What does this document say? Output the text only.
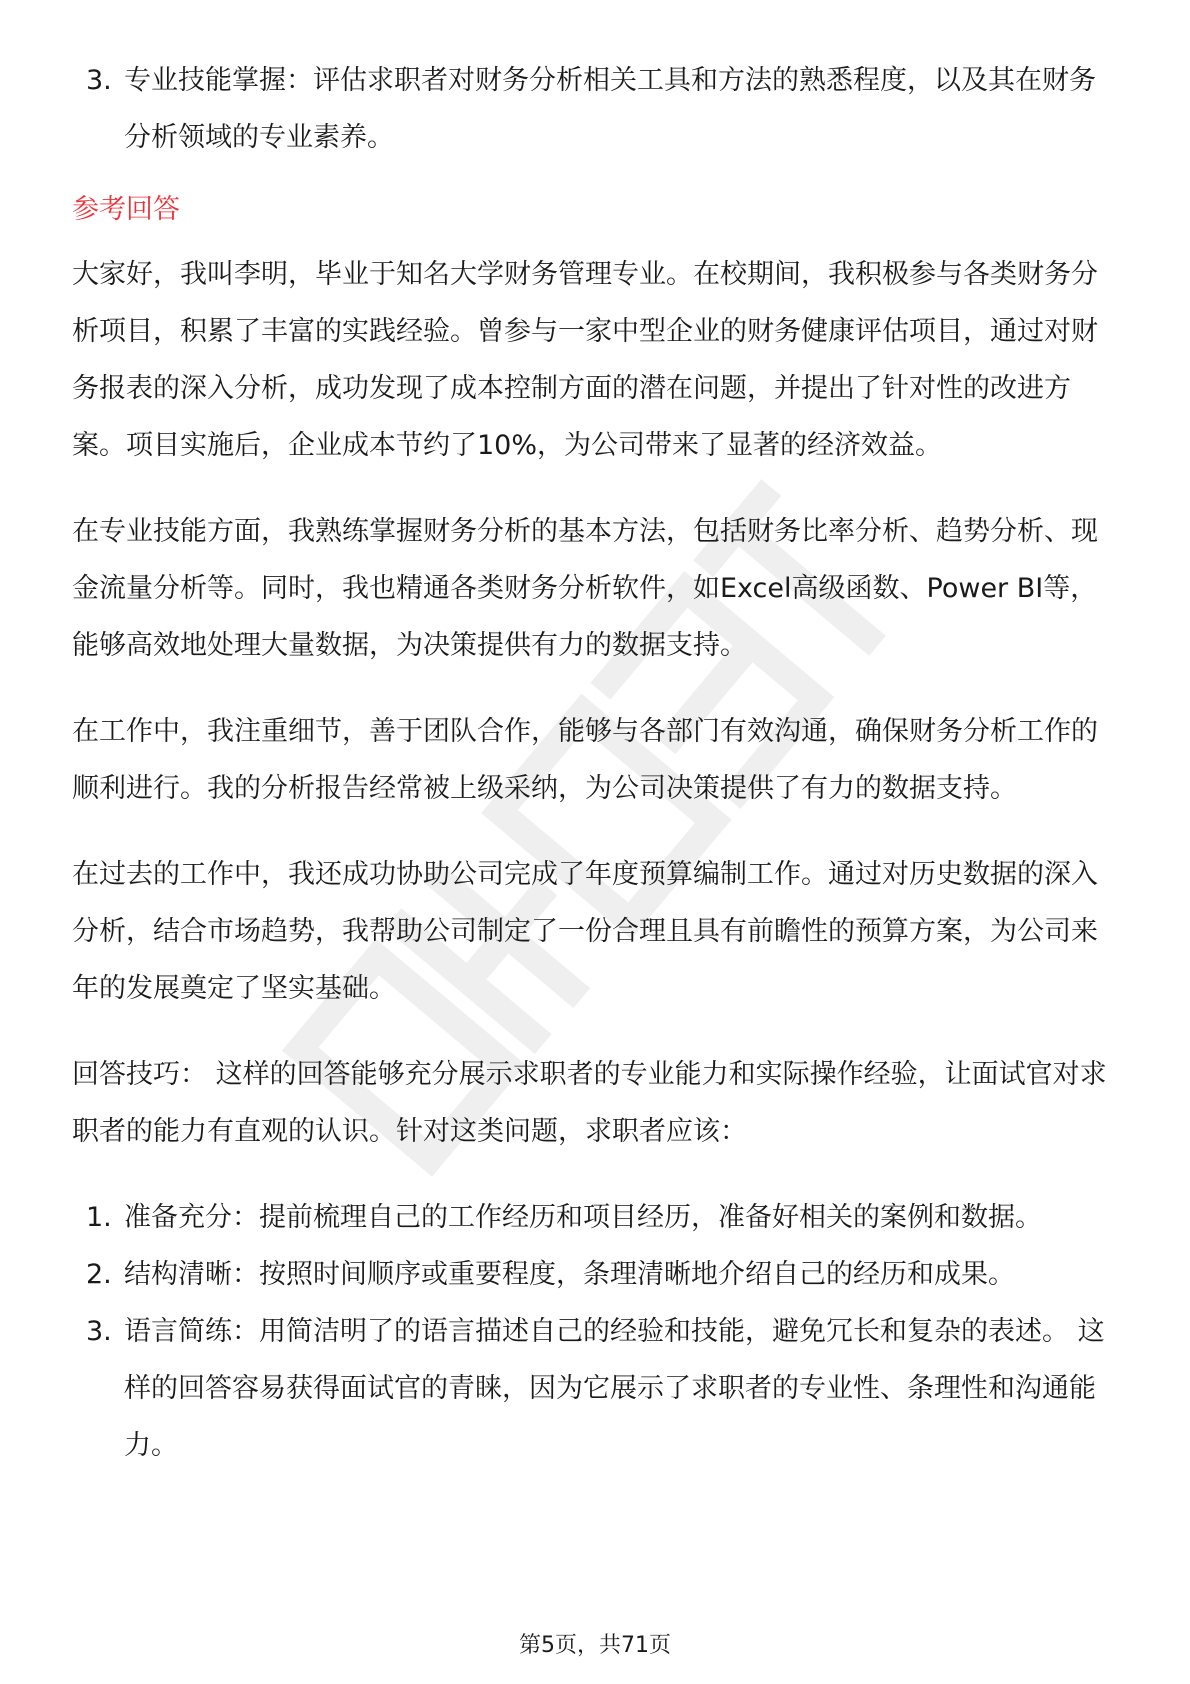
3. 专业技能掌握：评估求职者对财务分析相关工具和方法的熟悉程度，以及其在财务分析领域的专业素养。
参考回答

大家好，我叫李明，毕业于知名大学财务管理专业。在校期间，我积极参与各类财务分析项目，积累了丰富的实践经验。曾参与一家中型企业的财务健康评估项目，通过对财务报表的深入分析，成功发现了成本控制方面的潜在问题，并提出了针对性的改进方案。项目实施后，企业成本节约了10%，为公司带来了显著的经济效益。

在专业技能方面，我熟练掌握财务分析的基本方法，包括财务比率分析、趋势分析、现金流量分析等。同时，我也精通各类财务分析软件，如Excel高级函数、Power BI等，能够高效地处理大量数据，为决策提供有力的数据支持。

在工作中，我注重细节，善于团队合作，能够与各部门有效沟通，确保财务分析工作的顺利进行。我的分析报告经常被上级采纳，为公司决策提供了有力的数据支持。

在过去的工作中，我还成功协助公司完成了年度预算编制工作。通过对历史数据的深入分析，结合市场趋势，我帮助公司制定了一份合理且具有前瞻性的预算方案，为公司来年的发展奠定了坚实基础。

回答技巧： 这样的回答能够充分展示求职者的专业能力和实际操作经验，让面试官对求职者的能力有直观的认识。针对这类问题，求职者应该：

1. 准备充分：提前梳理自己的工作经历和项目经历，准备好相关的案例和数据。
2. 结构清晰：按照时间顺序或重要程度，条理清晰地介绍自己的经历和成果。
3. 语言简练：用简洁明了的语言描述自己的经验和技能，避免冗长和复杂的表述。 这样的回答容易获得面试官的青睐，因为它展示了求职者的专业性、条理性和沟通能力。
第5页，共71页
